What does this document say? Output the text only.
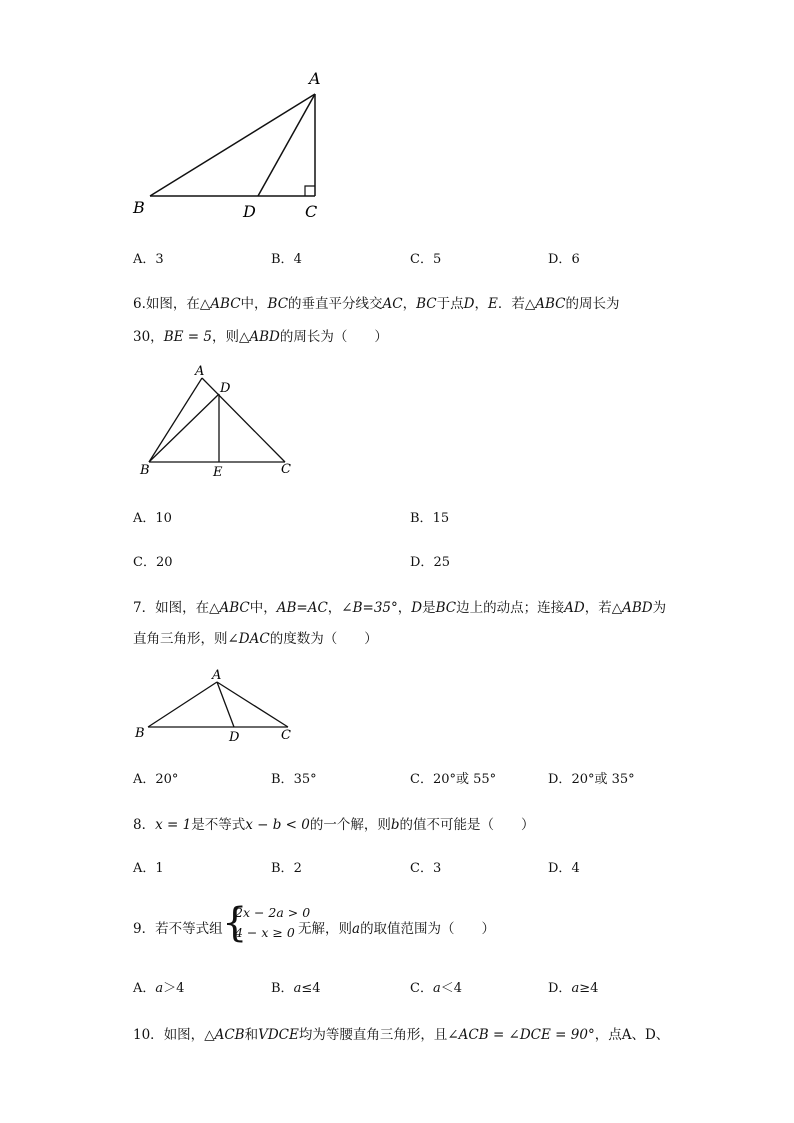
A
B	D	C
A．3	B．4	C．5	D．6
6.如图，在△ABC中，BC的垂直平分线交AC，BC于点D，E．若△ABC的周长为
30，BE = 5，则△ABD的周长为（　　）
A
D
B	E	C
A．10	B．15
C．20	D．25
7．如图，在△ABC中，AB=AC，∠B=35°，D是BC边上的动点；连接AD，若△ABD为
直角三角形，则∠DAC的度数为（　　）
A
B	D	C
A．20°	B．35°	C．20°或 55°	D．20°或 35°
8．x = 1是不等式x − b < 0的一个解，则b的值不可能是（　　）
A．1	B．2	C．3	D．4
9．若不等式组 {
2x − 2a > 0
4 − x ≥ 0 无解，则a的取值范围为（　　）
A．a＞4	B．a≤4	C．a＜4	D．a≥4
10．如图，△ACB和VDCE均为等腰直角三角形，且∠ACB = ∠DCE = 90°，点A、D、
